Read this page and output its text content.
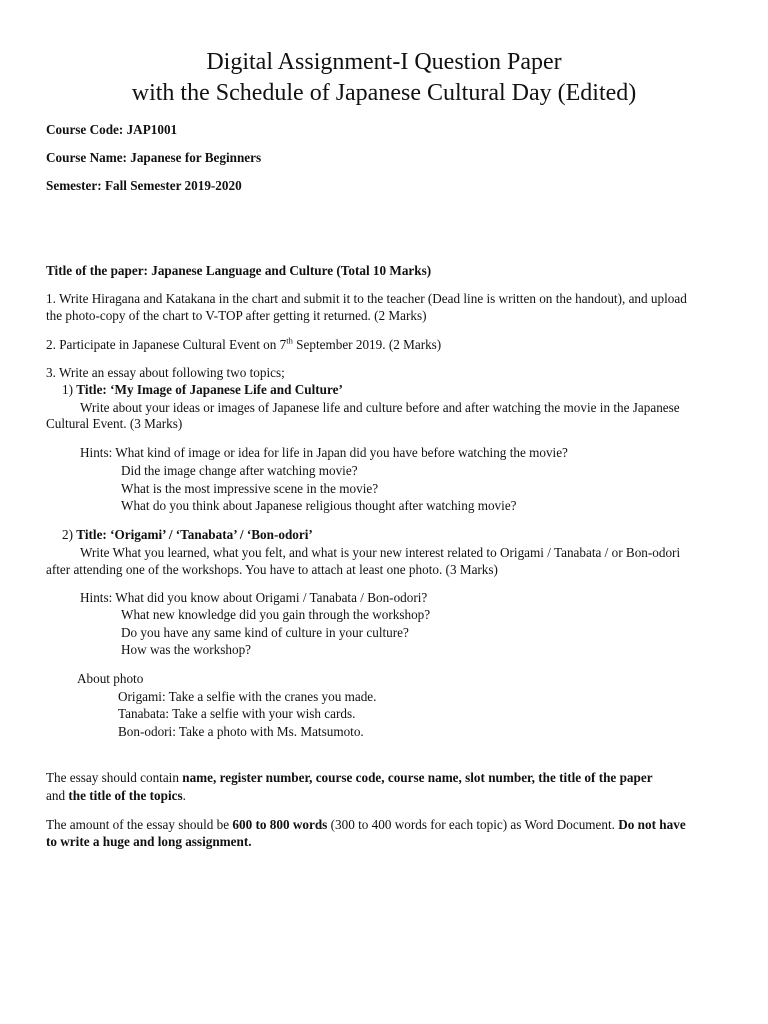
Digital Assignment-I Question Paper
with the Schedule of Japanese Cultural Day (Edited)
Course Code: JAP1001
Course Name: Japanese for Beginners
Semester: Fall Semester 2019-2020
Title of the paper: Japanese Language and Culture (Total 10 Marks)
1. Write Hiragana and Katakana in the chart and submit it to the teacher (Dead line is written on the handout), and upload
the photo-copy of the chart to V-TOP after getting it returned. (2 Marks)
2. Participate in Japanese Cultural Event on 7th September 2019. (2 Marks)
3. Write an essay about following two topics;
1) Title: ‘My Image of Japanese Life and Culture’
Write about your ideas or images of Japanese life and culture before and after watching the movie in the Japanese
Cultural Event. (3 Marks)
Hints: What kind of image or idea for life in Japan did you have before watching the movie?
Did the image change after watching movie?
What is the most impressive scene in the movie?
What do you think about Japanese religious thought after watching movie?
2) Title: ‘Origami’ / ‘Tanabata’ / ‘Bon-odori’
Write What you learned, what you felt, and what is your new interest related to Origami / Tanabata / or Bon-odori
after attending one of the workshops. You have to attach at least one photo. (3 Marks)
Hints: What did you know about Origami / Tanabata / Bon-odori?
What new knowledge did you gain through the workshop?
Do you have any same kind of culture in your culture?
How was the workshop?
About photo
Origami: Take a selfie with the cranes you made.
Tanabata: Take a selfie with your wish cards.
Bon-odori: Take a photo with Ms. Matsumoto.
The essay should contain name, register number, course code, course name, slot number, the title of the paper
and the title of the topics.
The amount of the essay should be 600 to 800 words (300 to 400 words for each topic) as Word Document. Do not have
to write a huge and long assignment.
